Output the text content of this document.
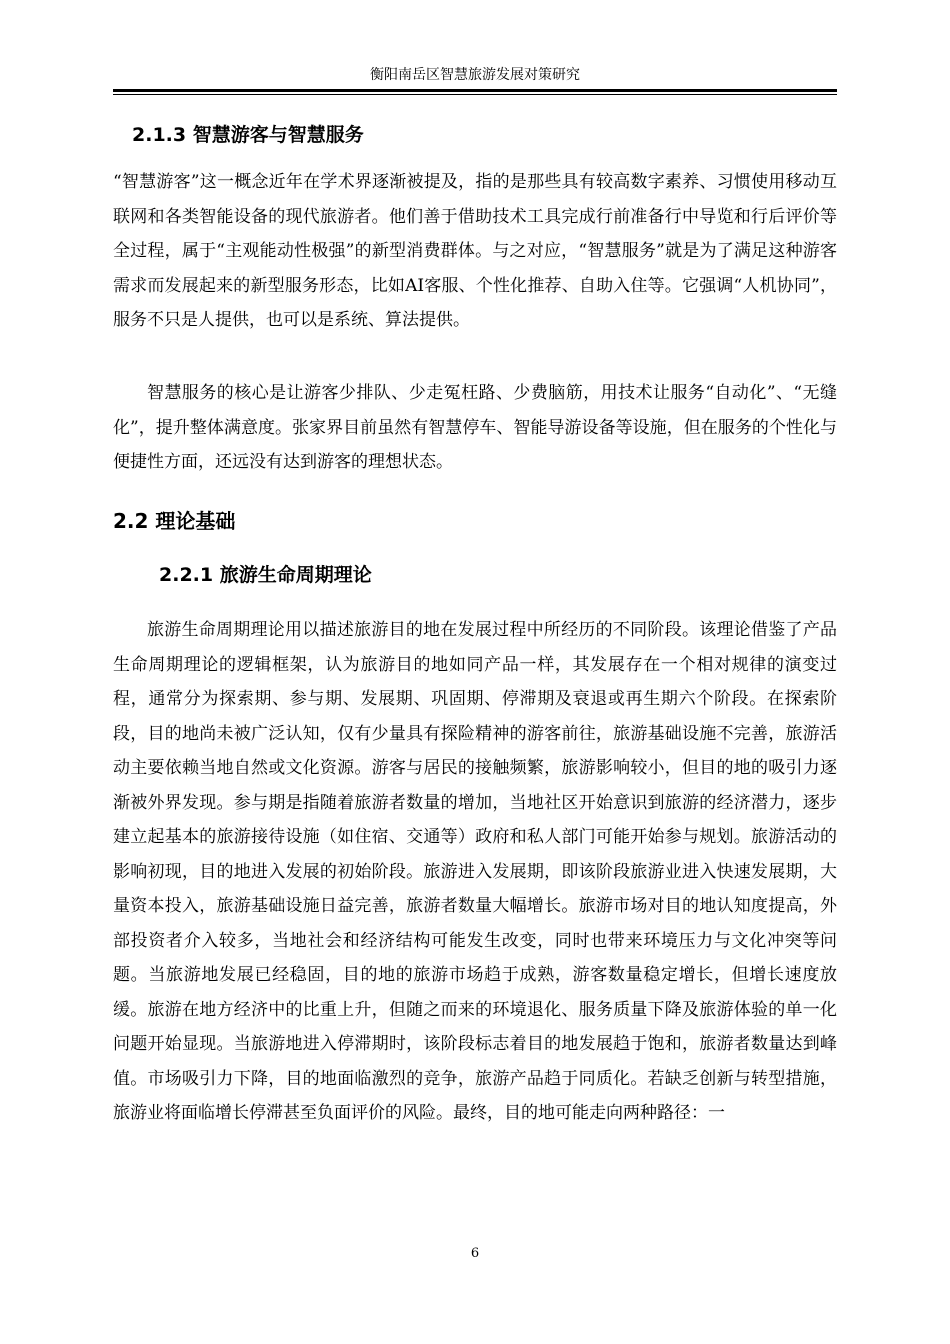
衡阳南岳区智慧旅游发展对策研究
2.1.3 智慧游客与智慧服务

“智慧游客”这一概念近年在学术界逐渐被提及，指的是那些具有较高数字素养、习惯使用移动互联网和各类智能设备的现代旅游者。他们善于借助技术工具完成行前准备行中导览和行后评价等全过程，属于“主观能动性极强”的新型消费群体。与之对应，“智慧服务”就是为了满足这种游客需求而发展起来的新型服务形态，比如AI客服、个性化推荐、自助入住等。它强调“人机协同”，服务不只是人提供，也可以是系统、算法提供。

智慧服务的核心是让游客少排队、少走冤枉路、少费脑筋，用技术让服务“自动化”、“无缝化”，提升整体满意度。张家界目前虽然有智慧停车、智能导游设备等设施，但在服务的个性化与便捷性方面，还远没有达到游客的理想状态。

2.2 理论基础
2.2.1 旅游生命周期理论

旅游生命周期理论用以描述旅游目的地在发展过程中所经历的不同阶段。该理论借鉴了产品生命周期理论的逻辑框架，认为旅游目的地如同产品一样，其发展存在一个相对规律的演变过程，通常分为探索期、参与期、发展期、巩固期、停滞期及衰退或再生期六个阶段。在探索阶段，目的地尚未被广泛认知，仅有少量具有探险精神的游客前往，旅游基础设施不完善，旅游活动主要依赖当地自然或文化资源。游客与居民的接触频繁，旅游影响较小，但目的地的吸引力逐渐被外界发现。参与期是指随着旅游者数量的增加，当地社区开始意识到旅游的经济潜力，逐步建立起基本的旅游接待设施（如住宿、交通等）政府和私人部门可能开始参与规划。旅游活动的影响初现，目的地进入发展的初始阶段。旅游进入发展期，即该阶段旅游业进入快速发展期，大量资本投入，旅游基础设施日益完善，旅游者数量大幅增长。旅游市场对目的地认知度提高，外部投资者介入较多，当地社会和经济结构可能发生改变，同时也带来环境压力与文化冲突等问题。当旅游地发展已经稳固，目的地的旅游市场趋于成熟，游客数量稳定增长，但增长速度放缓。旅游在地方经济中的比重上升，但随之而来的环境退化、服务质量下降及旅游体验的单一化问题开始显现。当旅游地进入停滞期时，该阶段标志着目的地发展趋于饱和，旅游者数量达到峰值。市场吸引力下降，目的地面临激烈的竞争，旅游产品趋于同质化。若缺乏创新与转型措施，旅游业将面临增长停滞甚至负面评价的风险。最终，目的地可能走向两种路径：一

6
